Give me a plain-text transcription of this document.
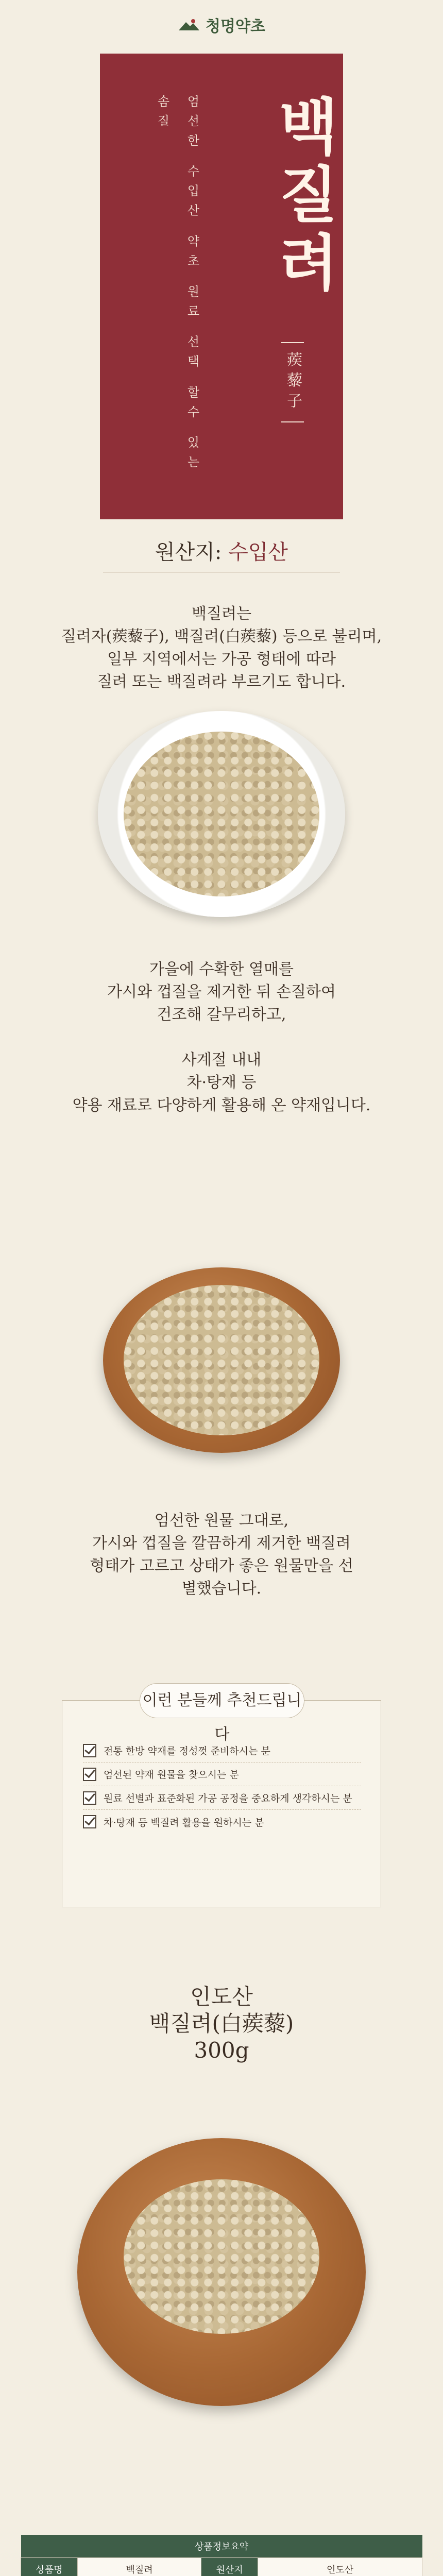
청명약초
엄선한 수입산 약초 원료 선택 할수 있는 솜질	백질려
蒺藜子
원산지: 수입산
백질려는
질려자(蒺藜子), 백질려(白蒺藜) 등으로 불리며,
일부 지역에서는 가공 형태에 따라
질려 또는 백질려라 부르기도 합니다.
가을에 수확한 열매를
가시와 껍질을 제거한 뒤 손질하여
건조해 갈무리하고,
사계절 내내
차·탕재 등
약용 재료로 다양하게 활용해 온 약재입니다.
엄선한 원물 그대로,
가시와 껍질을 깔끔하게 제거한 백질려
형태가 고르고 상태가 좋은 원물만을 선
별했습니다.
이런 분들께 추천드립니다
전통 한방 약재를 정성껏 준비하시는 분
엄선된 약재 원물을 찾으시는 분
원료 선별과 표준화된 가공 공정을 중요하게 생각하시는 분
차·탕재 등 백질려 활용을 원하시는 분
인도산
백질려(白蒺藜)
300g
상품정보요약			
상품명	백질려	원산지	인도산
